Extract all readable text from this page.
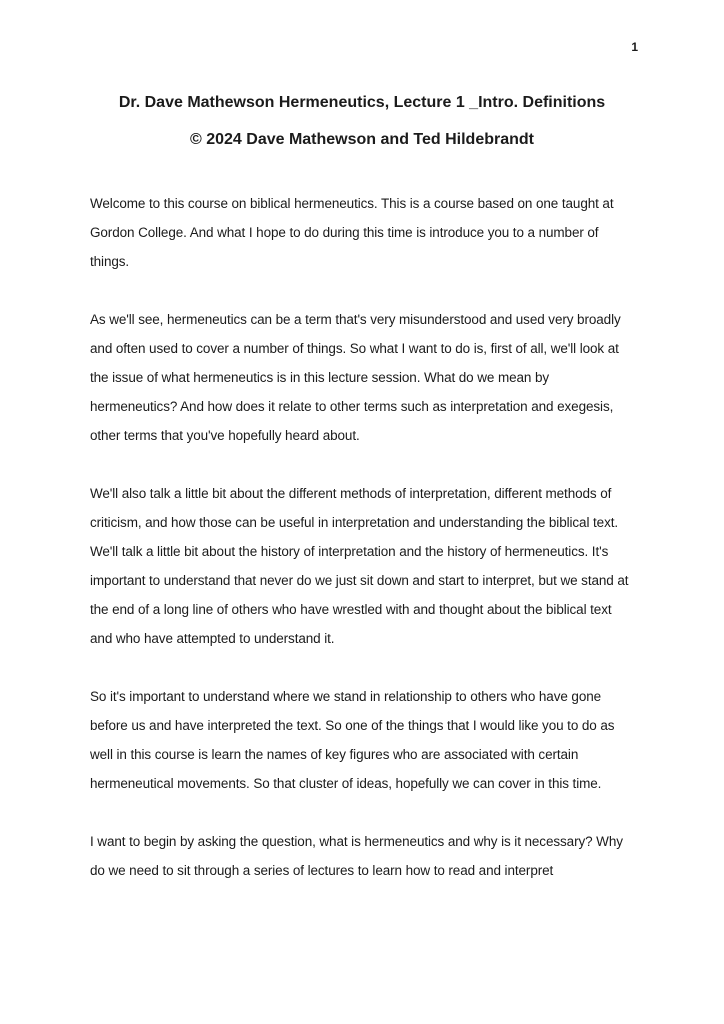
1
Dr. Dave Mathewson Hermeneutics, Lecture 1 _Intro. Definitions
© 2024 Dave Mathewson and Ted Hildebrandt

Welcome to this course on biblical hermeneutics. This is a course based on one taught at Gordon College. And what I hope to do during this time is introduce you to a number of things.

As we'll see, hermeneutics can be a term that's very misunderstood and used very broadly and often used to cover a number of things. So what I want to do is, first of all, we'll look at the issue of what hermeneutics is in this lecture session. What do we mean by hermeneutics? And how does it relate to other terms such as interpretation and exegesis, other terms that you've hopefully heard about.

We'll also talk a little bit about the different methods of interpretation, different methods of criticism, and how those can be useful in interpretation and understanding the biblical text. We'll talk a little bit about the history of interpretation and the history of hermeneutics. It's important to understand that never do we just sit down and start to interpret, but we stand at the end of a long line of others who have wrestled with and thought about the biblical text and who have attempted to understand it.

So it's important to understand where we stand in relationship to others who have gone before us and have interpreted the text. So one of the things that I would like you to do as well in this course is learn the names of key figures who are associated with certain hermeneutical movements. So that cluster of ideas, hopefully we can cover in this time.

I want to begin by asking the question, what is hermeneutics and why is it necessary? Why do we need to sit through a series of lectures to learn how to read and interpret
